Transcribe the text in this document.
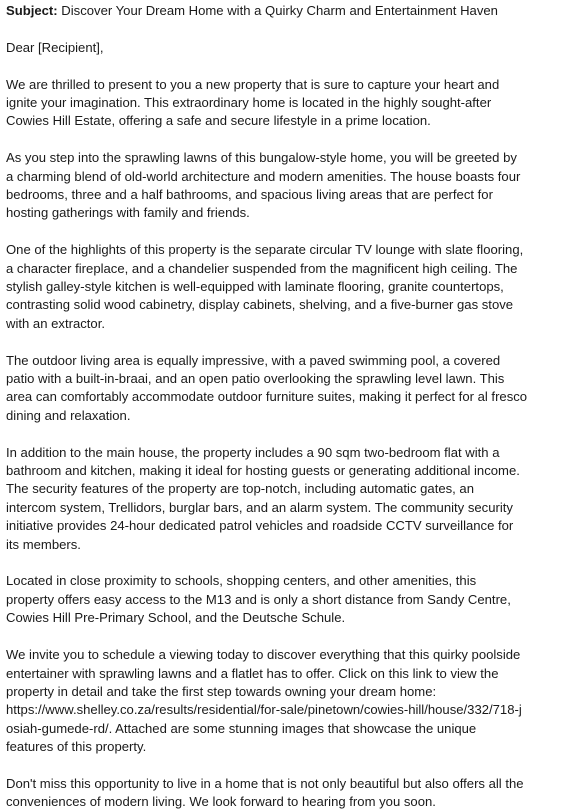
Subject: Discover Your Dream Home with a Quirky Charm and Entertainment Haven

Dear [Recipient],

We are thrilled to present to you a new property that is sure to capture your heart and

ignite your imagination. This extraordinary home is located in the highly sought-after

Cowies Hill Estate, offering a safe and secure lifestyle in a prime location.

As you step into the sprawling lawns of this bungalow-style home, you will be greeted by

a charming blend of old-world architecture and modern amenities. The house boasts four

bedrooms, three and a half bathrooms, and spacious living areas that are perfect for

hosting gatherings with family and friends.

One of the highlights of this property is the separate circular TV lounge with slate flooring,

a character fireplace, and a chandelier suspended from the magnificent high ceiling. The

stylish galley-style kitchen is well-equipped with laminate flooring, granite countertops,

contrasting solid wood cabinetry, display cabinets, shelving, and a five-burner gas stove

with an extractor.

The outdoor living area is equally impressive, with a paved swimming pool, a covered

patio with a built-in-braai, and an open patio overlooking the sprawling level lawn. This

area can comfortably accommodate outdoor furniture suites, making it perfect for al fresco

dining and relaxation.

In addition to the main house, the property includes a 90 sqm two-bedroom flat with a

bathroom and kitchen, making it ideal for hosting guests or generating additional income.

The security features of the property are top-notch, including automatic gates, an

intercom system, Trellidors, burglar bars, and an alarm system. The community security

initiative provides 24-hour dedicated patrol vehicles and roadside CCTV surveillance for

its members.

Located in close proximity to schools, shopping centers, and other amenities, this

property offers easy access to the M13 and is only a short distance from Sandy Centre,

Cowies Hill Pre-Primary School, and the Deutsche Schule.

We invite you to schedule a viewing today to discover everything that this quirky poolside

entertainer with sprawling lawns and a flatlet has to offer. Click on this link to view the

property in detail and take the first step towards owning your dream home:

https://www.shelley.co.za/results/residential/for-sale/pinetown/cowies-hill/house/332/718-j

osiah-gumede-rd/. Attached are some stunning images that showcase the unique

features of this property.

Don't miss this opportunity to live in a home that is not only beautiful but also offers all the

conveniences of modern living. We look forward to hearing from you soon.
